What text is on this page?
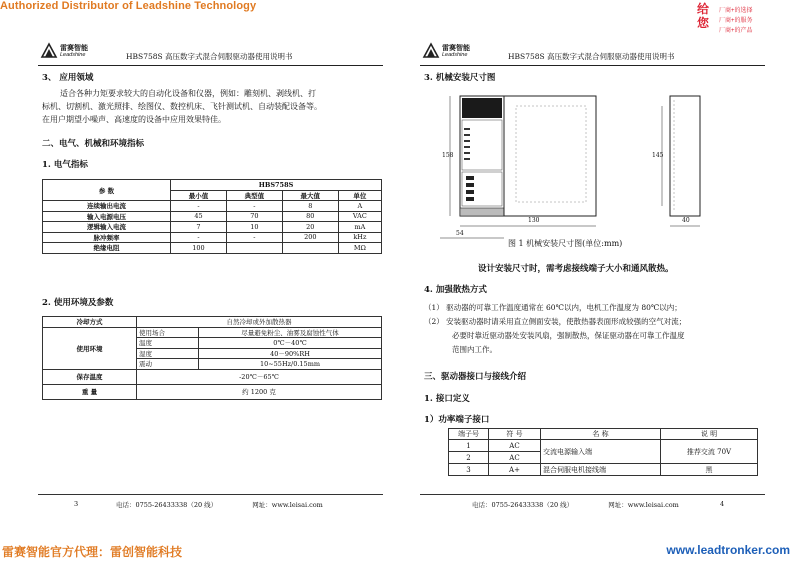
Authorized Distributor of Leadshine Technology	给
您
厂商+的选择
厂商+的服务
厂商+的产品
雷赛智能
Leadshine	HBS758S 高压数字式混合伺服驱动器使用说明书
3、 应用领域
适合各种力矩要求较大的自动化设备和仪器，例如：雕刻机、剥线机、打
标机、切割机、激光照排、绘图仪、数控机床、飞针测试机、自动装配设备等。
在用户期望小噪声、高速度的设备中应用效果特佳。
二、电气、机械和环境指标
1. 电气指标
参 数	HBS758S			
	最小值	典型值	最大值	单位
连续输出电流	-	-	8	A
输入电源电压	45	70	80	VAC
逻辑输入电流	7	10	20	mA
脉冲频率	-	-	200	kHz
绝缘电阻	100			MΩ
2. 使用环境及参数
冷却方式	自然冷却或外加散热器	
使用环境	使用场合	尽量避免粉尘、油雾及腐蚀性气体
	温度	0℃－40℃
	湿度	40－90%RH
	震动	10~55Hz/0.15mm
保存温度	-20℃－65℃	
重 量	约 1200 克	
3	电话：0755-26433338（20 线）                 网址：www.leisai.com
雷赛智能
Leadshine	HBS758S 高压数字式混合伺服驱动器使用说明书
3. 机械安装尺寸图
158
130
54
145
40
图 1 机械安装尺寸图(单位:mm)
设计安装尺寸时，需考虑接线端子大小和通风散热。
4. 加强散热方式
（1） 驱动器的可靠工作温度通常在 60℃以内，电机工作温度为 80℃以内；
（2） 安装驱动器时请采用直立侧面安装，使散热器表面形成较强的空气对流；
必要时靠近驱动器处安装风扇，强制散热，保证驱动器在可靠工作温度
范围内工作。
三、驱动器接口与接线介绍
1. 接口定义
1）功率端子接口
端子号	符 号	名 称	说 明
1	AC	交流电源输入端	推荐交流 70V
2	AC		
3	A+	混合伺服电机接线端	黑
电话：0755-26433338（20 线）                 网址：www.leisai.com	4
雷赛智能官方代理：雷创智能科技	www.leadtronker.com
